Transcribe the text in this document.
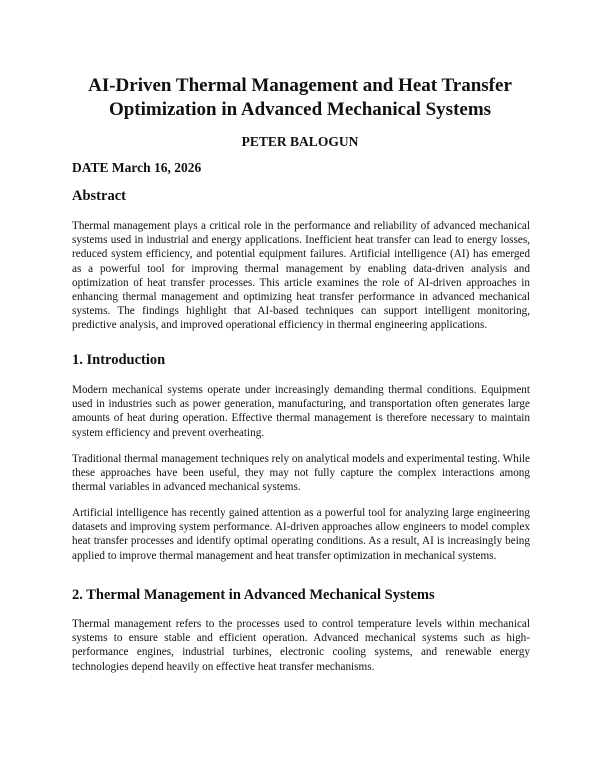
AI-Driven Thermal Management and Heat Transfer Optimization in Advanced Mechanical Systems

PETER BALOGUN

DATE March 16, 2026

Abstract

Thermal management plays a critical role in the performance and reliability of advanced mechanical systems used in industrial and energy applications. Inefficient heat transfer can lead to energy losses, reduced system efficiency, and potential equipment failures. Artificial intelligence (AI) has emerged as a powerful tool for improving thermal management by enabling data-driven analysis and optimization of heat transfer processes. This article examines the role of AI-driven approaches in enhancing thermal management and optimizing heat transfer performance in advanced mechanical systems. The findings highlight that AI-based techniques can support intelligent monitoring, predictive analysis, and improved operational efficiency in thermal engineering applications.

1. Introduction

Modern mechanical systems operate under increasingly demanding thermal conditions. Equipment used in industries such as power generation, manufacturing, and transportation often generates large amounts of heat during operation. Effective thermal management is therefore necessary to maintain system efficiency and prevent overheating.

Traditional thermal management techniques rely on analytical models and experimental testing. While these approaches have been useful, they may not fully capture the complex interactions among thermal variables in advanced mechanical systems.

Artificial intelligence has recently gained attention as a powerful tool for analyzing large engineering datasets and improving system performance. AI-driven approaches allow engineers to model complex heat transfer processes and identify optimal operating conditions. As a result, AI is increasingly being applied to improve thermal management and heat transfer optimization in mechanical systems.

2. Thermal Management in Advanced Mechanical Systems

Thermal management refers to the processes used to control temperature levels within mechanical systems to ensure stable and efficient operation. Advanced mechanical systems such as high-performance engines, industrial turbines, electronic cooling systems, and renewable energy technologies depend heavily on effective heat transfer mechanisms.
